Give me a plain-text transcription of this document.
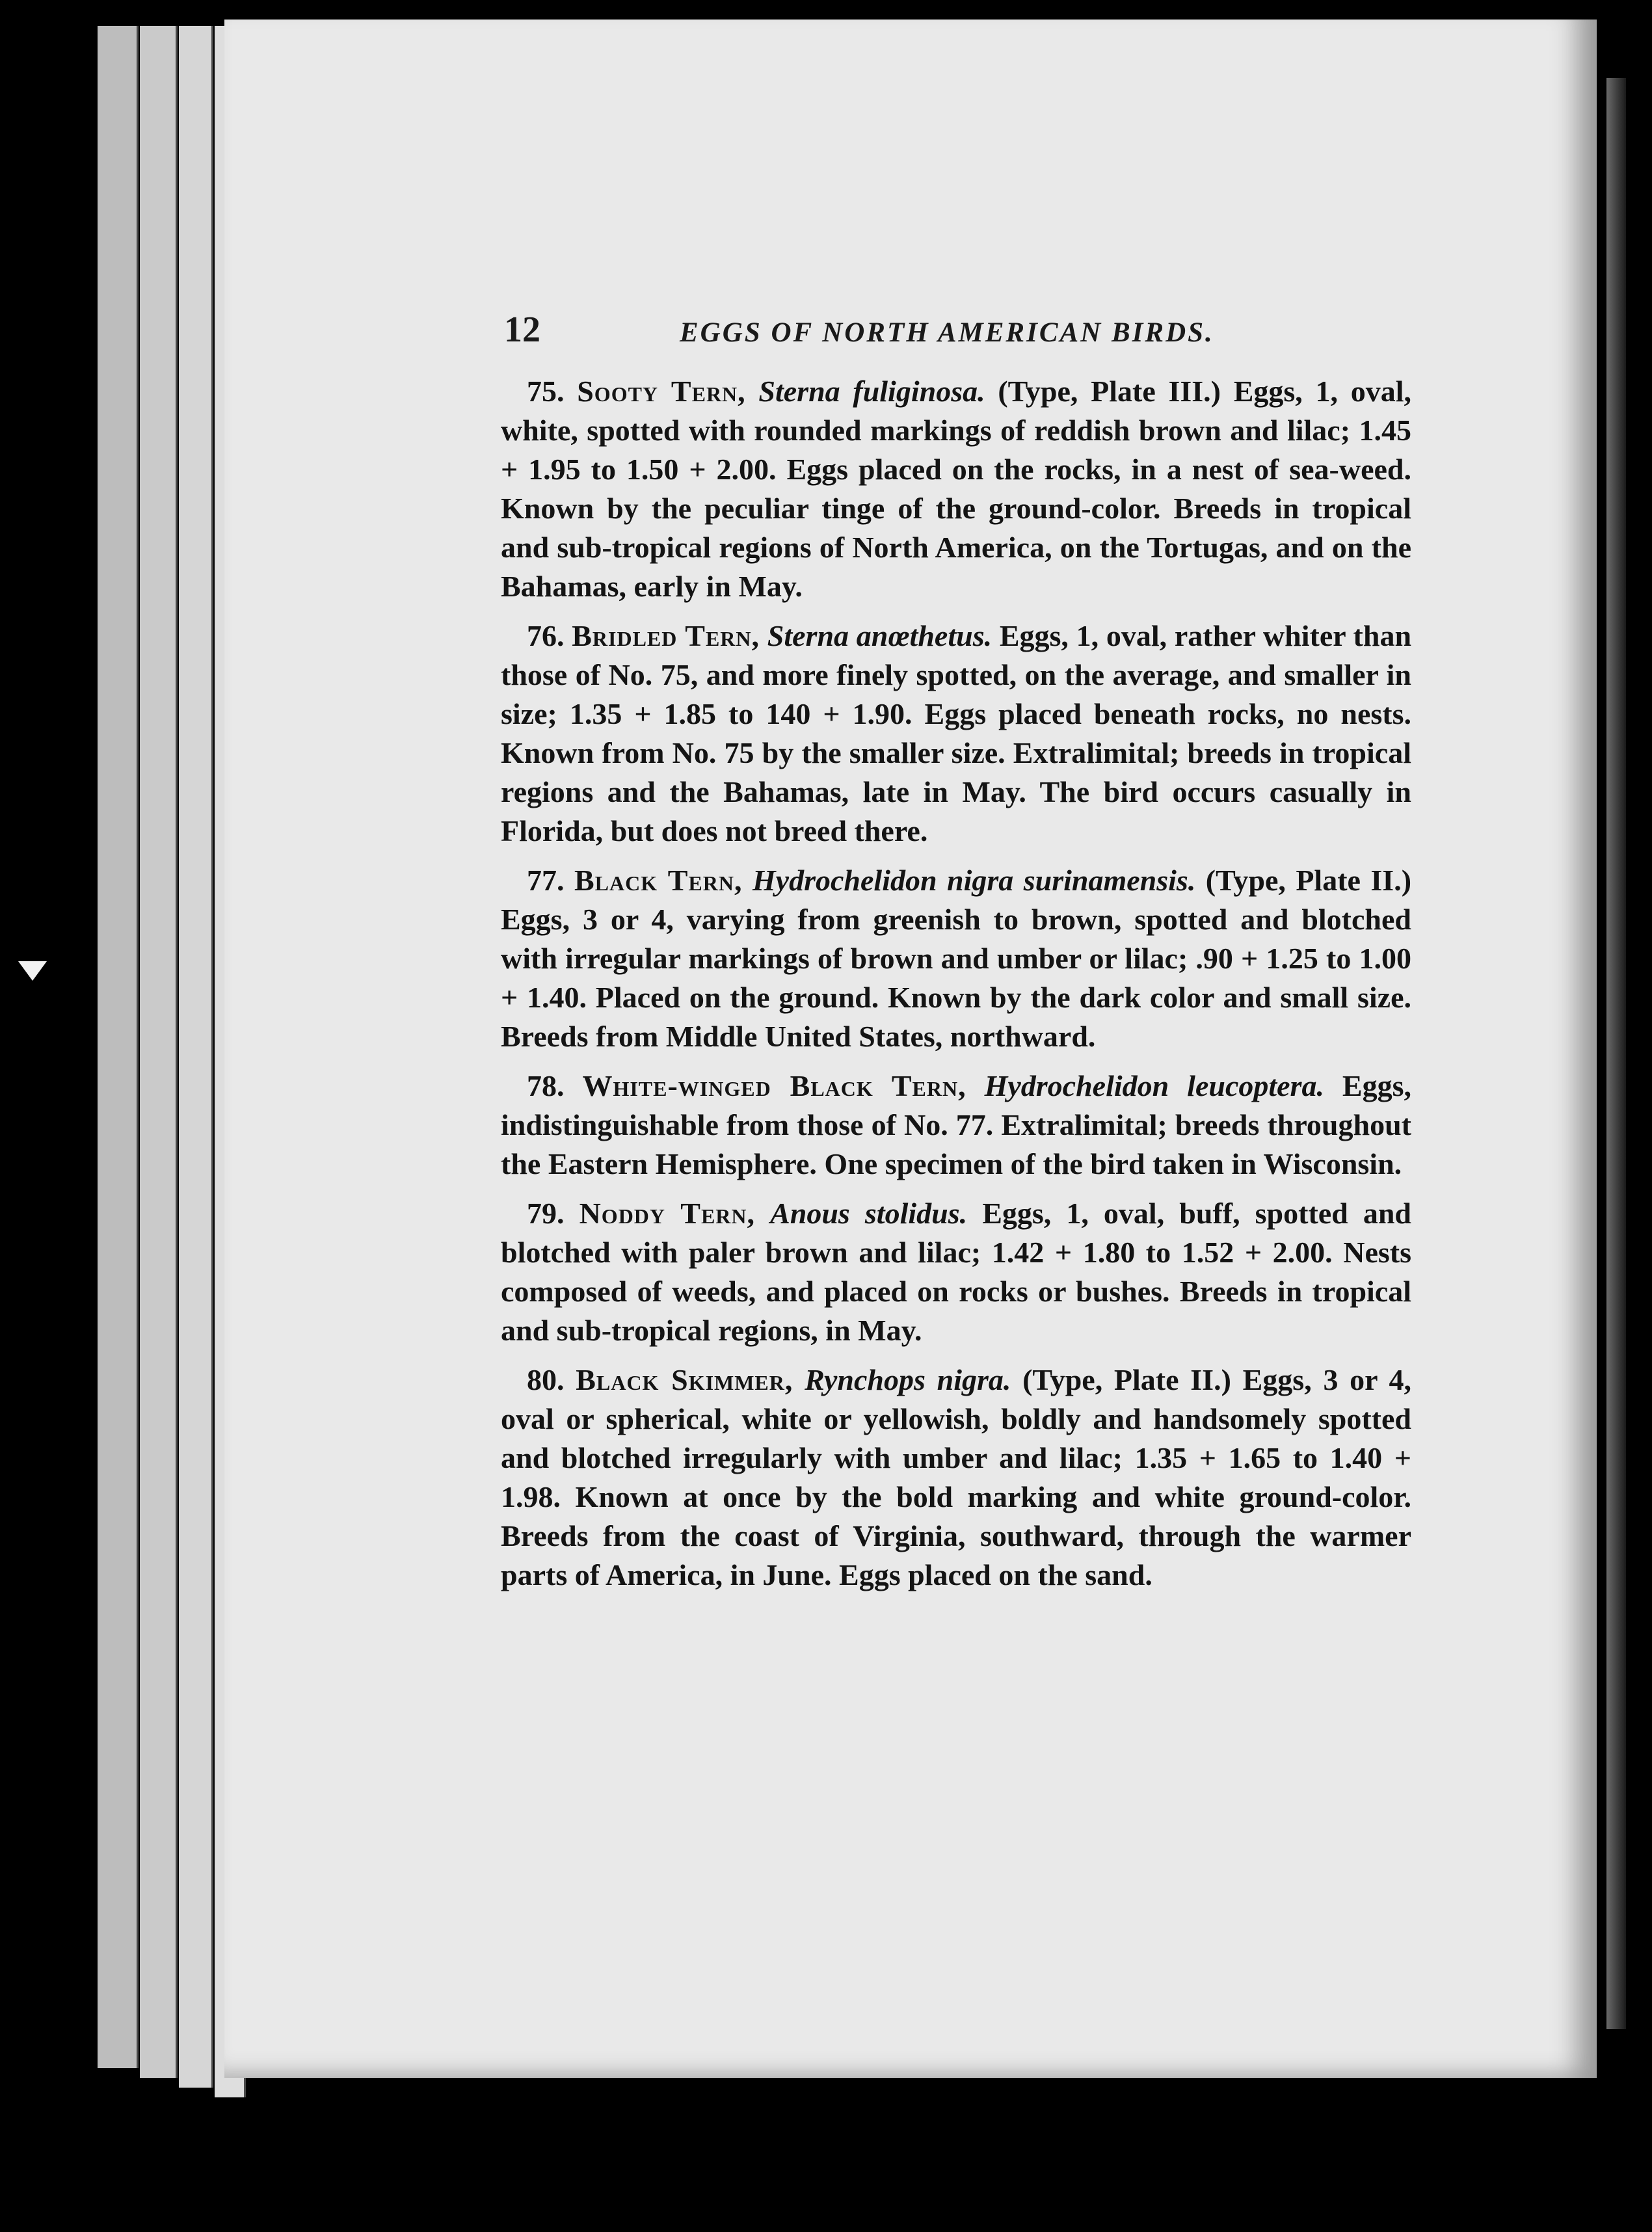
12	EGGS OF NORTH AMERICAN BIRDS.

75. Sooty Tern, Sterna fuliginosa. (Type, Plate III.) Eggs, 1, oval, white, spotted with rounded markings of reddish brown and lilac; 1.45 + 1.95 to 1.50 + 2.00. Eggs placed on the rocks, in a nest of sea-weed. Known by the peculiar tinge of the ground-color. Breeds in tropical and sub-tropical regions of North America, on the Tortugas, and on the Bahamas, early in May.

76. Bridled Tern, Sterna anœthetus. Eggs, 1, oval, rather whiter than those of No. 75, and more finely spotted, on the average, and smaller in size; 1.35 + 1.85 to 140 + 1.90. Eggs placed beneath rocks, no nests. Known from No. 75 by the smaller size. Extralimital; breeds in tropical regions and the Bahamas, late in May. The bird occurs casually in Florida, but does not breed there.

77. Black Tern, Hydrochelidon nigra surinamensis. (Type, Plate II.) Eggs, 3 or 4, varying from greenish to brown, spotted and blotched with irregular markings of brown and umber or lilac; .90 + 1.25 to 1.00 + 1.40. Placed on the ground. Known by the dark color and small size. Breeds from Middle United States, northward.

78. White-winged Black Tern, Hydrochelidon leucoptera. Eggs, indistinguishable from those of No. 77. Extralimital; breeds throughout the Eastern Hemisphere. One specimen of the bird taken in Wisconsin.

79. Noddy Tern, Anous stolidus. Eggs, 1, oval, buff, spotted and blotched with paler brown and lilac; 1.42 + 1.80 to 1.52 + 2.00. Nests composed of weeds, and placed on rocks or bushes. Breeds in tropical and sub-tropical regions, in May.

80. Black Skimmer, Rynchops nigra. (Type, Plate II.) Eggs, 3 or 4, oval or spherical, white or yellowish, boldly and handsomely spotted and blotched irregularly with umber and lilac; 1.35 + 1.65 to 1.40 + 1.98. Known at once by the bold marking and white ground-color. Breeds from the coast of Virginia, southward, through the warmer parts of America, in June. Eggs placed on the sand.
